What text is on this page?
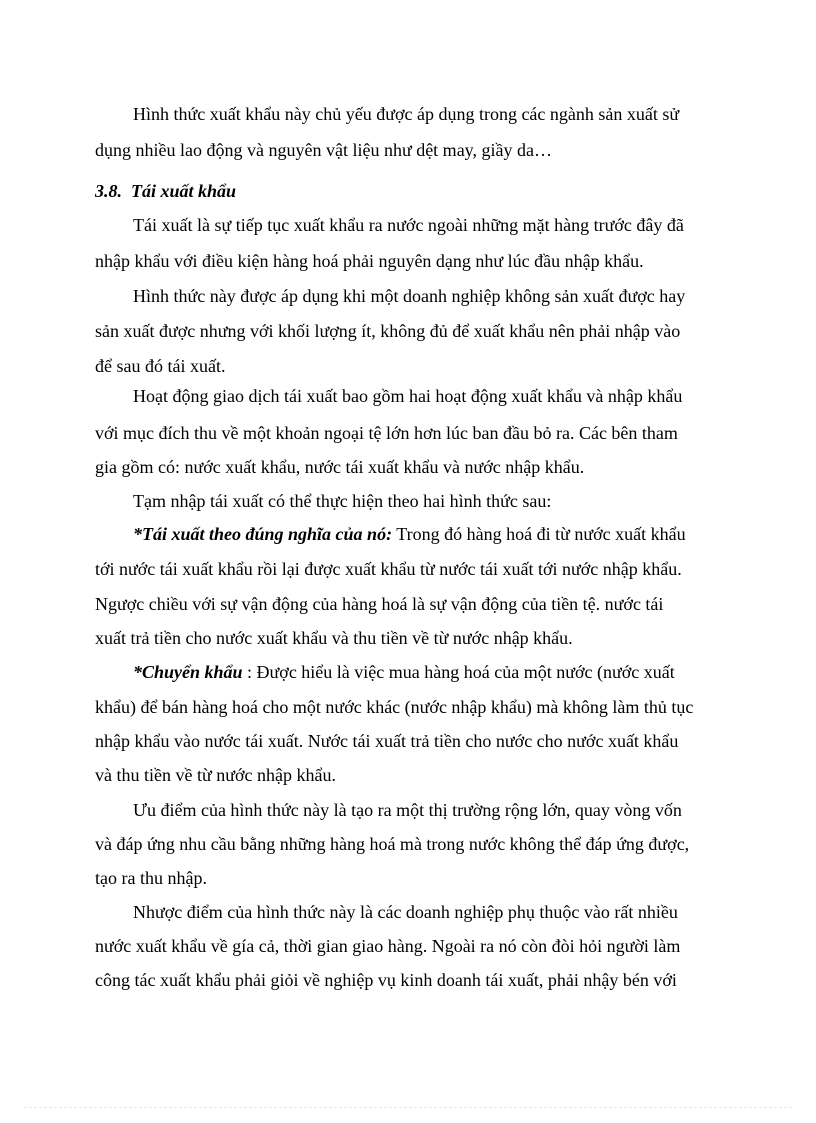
Hình thức xuất khẩu này chủ yếu được áp dụng trong các ngành sản xuất sử
dụng nhiều lao động và nguyên vật liệu như dệt may, giầy da…
3.8. Tái xuất khẩu
Tái xuất là sự tiếp tục xuất khẩu ra nước ngoài những mặt hàng trước đây đã
nhập khẩu với điều kiện hàng hoá phải nguyên dạng như lúc đầu nhập khẩu.
Hình thức này được áp dụng khi một doanh nghiệp không sản xuất được hay
sản xuất được nhưng với khối lượng ít, không đủ để xuất khẩu nên phải nhập vào
để sau đó tái xuất.
Hoạt động giao dịch tái xuất bao gồm hai hoạt động xuất khẩu và nhập khẩu
với mục đích thu về một khoản ngoại tệ lớn hơn lúc ban đầu bỏ ra. Các bên tham
gia gồm có: nước xuất khẩu, nước tái xuất khẩu và nước nhập khẩu.
Tạm nhập tái xuất có thể thực hiện theo hai hình thức sau:
*Tái xuất theo đúng nghĩa của nó: Trong đó hàng hoá đi từ nước xuất khẩu
tới nước tái xuất khẩu rồi lại được xuất khẩu từ nước tái xuất tới nước nhập khẩu.
Ngược chiều với sự vận động của hàng hoá là sự vận động của tiền tệ. nước tái
xuất trả tiền cho nước xuất khẩu và thu tiền về từ nước nhập khẩu.
*Chuyển khẩu : Được hiểu là việc mua hàng hoá của một nước (nước xuất
khẩu) để bán hàng hoá cho một nước khác (nước nhập khẩu) mà không làm thủ tục
nhập khẩu vào nước tái xuất. Nước tái xuất trả tiền cho nước cho nước xuất khẩu
và thu tiền về từ nước nhập khẩu.
Ưu điểm của hình thức này là tạo ra một thị trường rộng lớn, quay vòng vốn
và đáp ứng nhu cầu bằng những hàng hoá mà trong nước không thể đáp ứng được,
tạo ra thu nhập.
Nhược điểm của hình thức này là các doanh nghiệp phụ thuộc vào rất nhiều
nước xuất khẩu về gía cả, thời gian giao hàng. Ngoài ra nó còn đòi hỏi người làm
công tác xuất khẩu phải giỏi về nghiệp vụ kinh doanh tái xuất, phải nhậy bén với
